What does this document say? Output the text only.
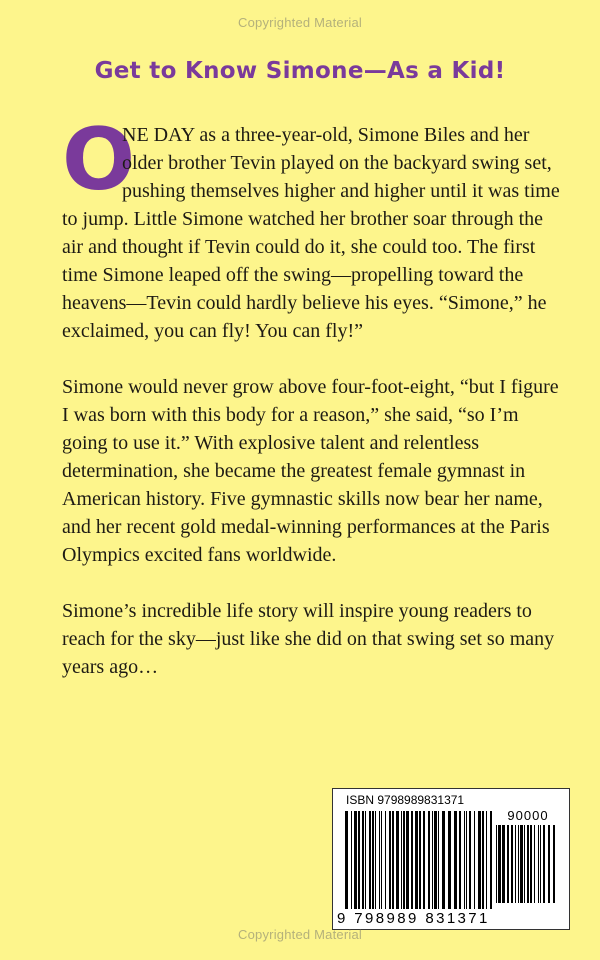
Copyrighted Material
Get to Know Simone—As a Kid!

O
NE DAY as a three-year-old, Simone Biles and her older brother Tevin played on the backyard swing set, pushing themselves higher and higher until it was time to jump. Little Simone watched her brother soar through the air and thought if Tevin could do it, she could too. The first time Simone leaped off the swing—propelling toward the heavens—Tevin could hardly believe his eyes. “Simone,” he exclaimed, you can fly! You can fly!”

Simone would never grow above four-foot-eight, “but I figure I was born with this body for a reason,” she said, “so I’m going to use it.” With explosive talent and relentless determination, she became the greatest female gymnast in American history. Five gymnastic skills now bear her name, and her recent gold medal-winning performances at the Paris Olympics excited fans worldwide.

Simone’s incredible life story will inspire young readers to reach for the sky—just like she did on that swing set so many years ago…

ISBN 9798989831371
90000
9 798989 831371
Copyrighted Material
